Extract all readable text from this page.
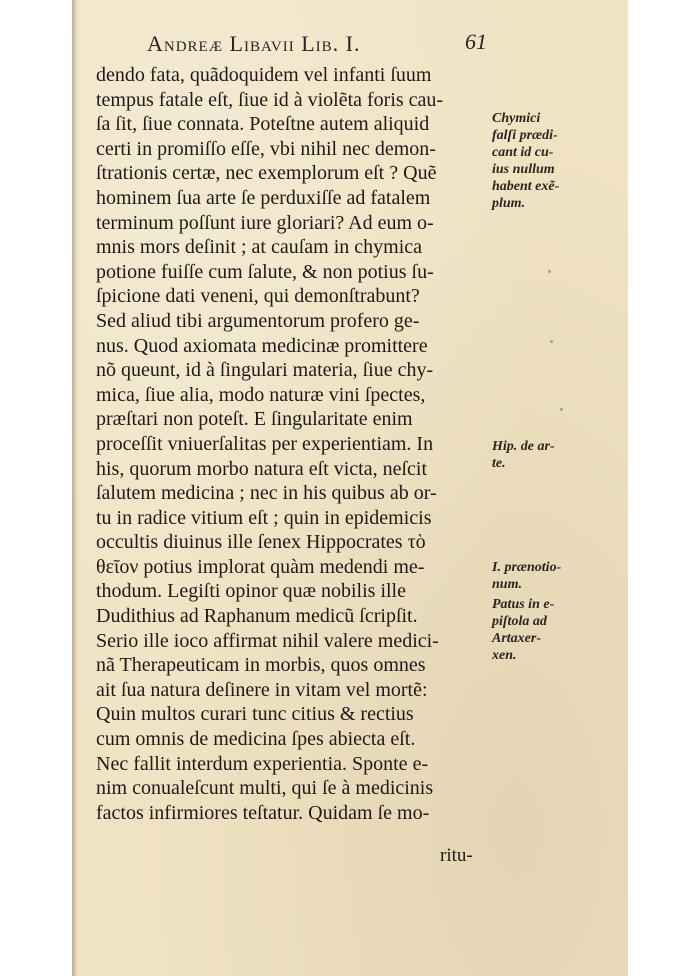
Andreæ Libavii Lib. I.	61
dendo fata, quãdoquidem vel infanti ſuum
tempus fatale eſt, ſiue id à violẽta foris cau-
ſa ſit, ſiue connata. Poteſtne autem aliquid
certi in promiſſo eſſe, vbi nihil nec demon-
ſtrationis certæ, nec exemplorum eſt ? Quẽ
hominem ſua arte ſe perduxiſſe ad fatalem
terminum poſſunt iure gloriari? Ad eum o-
mnis mors deſinit ; at cauſam in chymica
potione fuiſſe cum ſalute, & non potius ſu-
ſpicione dati veneni, qui demonſtrabunt?
Sed aliud tibi argumentorum profero ge-
nus. Quod axiomata medicinæ promittere
nõ queunt, id à ſingulari materia, ſiue chy-
mica, ſiue alia, modo naturæ vini ſpectes,
præſtari non poteſt. E ſingularitate enim
proceſſit vniuerſalitas per experientiam. In
his, quorum morbo natura eſt victa, neſcit
ſalutem medicina ; nec in his quibus ab or-
tu in radice vitium eſt ; quin in epidemicis
occultis diuinus ille ſenex Hippocrates τὸ
θεῖον potius implorat quàm medendi me-
thodum. Legiſti opinor quæ nobilis ille
Dudithius ad Raphanum medicũ ſcripſit.
Serio ille ioco affirmat nihil valere medici-
nã Therapeuticam in morbis, quos omnes
ait ſua natura deſinere in vitam vel mortẽ:
Quin multos curari tunc citius & rectius
cum omnis de medicina ſpes abiecta eſt.
Nec fallit interdum experientia. Sponte e-
nim conualeſcunt multi, qui ſe à medicinis
factos infirmiores teſtatur. Quidam ſe mo-
ritu-
Chymici
falſi prædi-
cant id cu-
ius nullum
habent exẽ-
plum.
Hip. de ar-
te.
I. prænotio-
num.
Patus in e-
piſtola ad
Artaxer-
xen.
